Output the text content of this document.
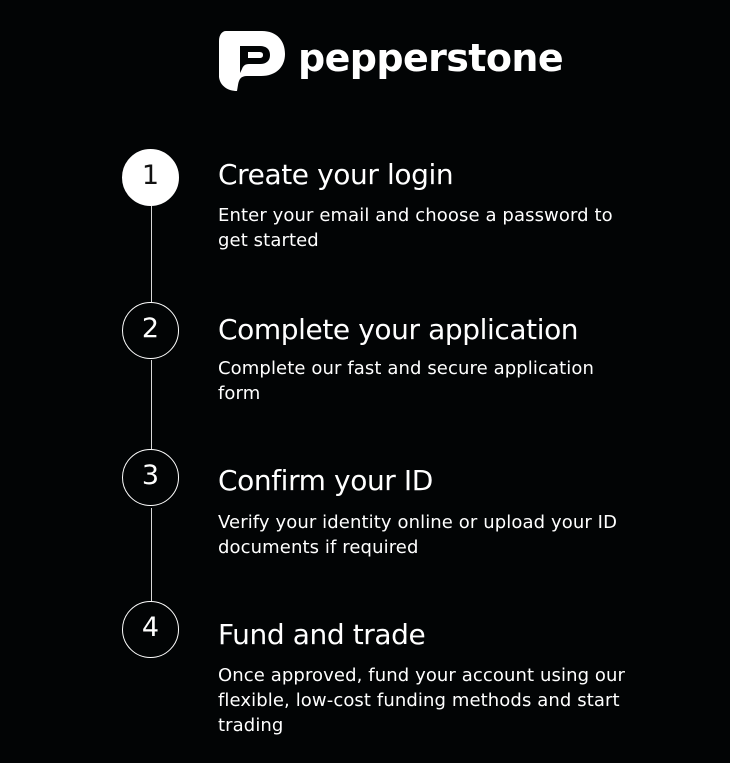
pepperstone
1	Create your login
Enter your email and choose a password to get started
2	Complete your application
Complete our fast and secure application form
3	Confirm your ID
Verify your identity online or upload your ID documents if required
4	Fund and trade
Once approved, fund your account using our flexible, low-cost funding methods and start trading
